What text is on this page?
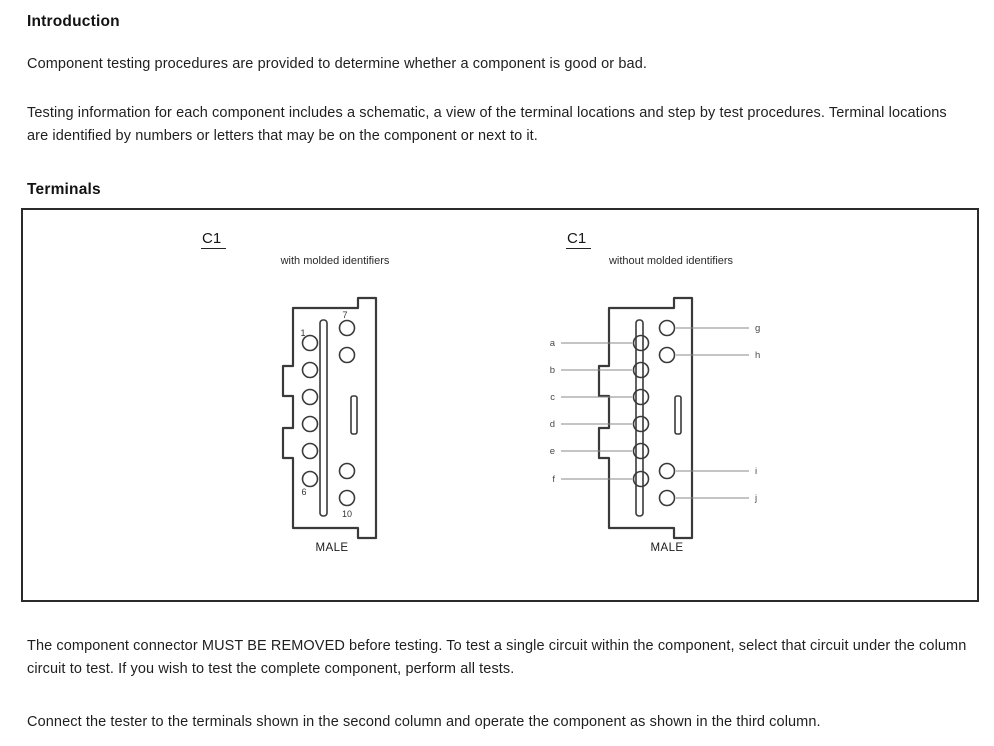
Introduction

Component testing procedures are provided to determine whether a component is good or bad.

Testing information for each component includes a schematic, a view of the terminal locations and step by test procedures. Terminal locations are identified by numbers or letters that may be on the component or next to it.

Terminals
C1
with molded identifiers
1
7
6
10
MALE
C1
without molded identifiers
a
b
c
d
e
f
g
h
i
j
MALE

The component connector MUST BE REMOVED before testing. To test a single circuit within the component, select that circuit under the column circuit to test. If you wish to test the complete component, perform all tests.

Connect the tester to the terminals shown in the second column and operate the component as shown in the third column.
